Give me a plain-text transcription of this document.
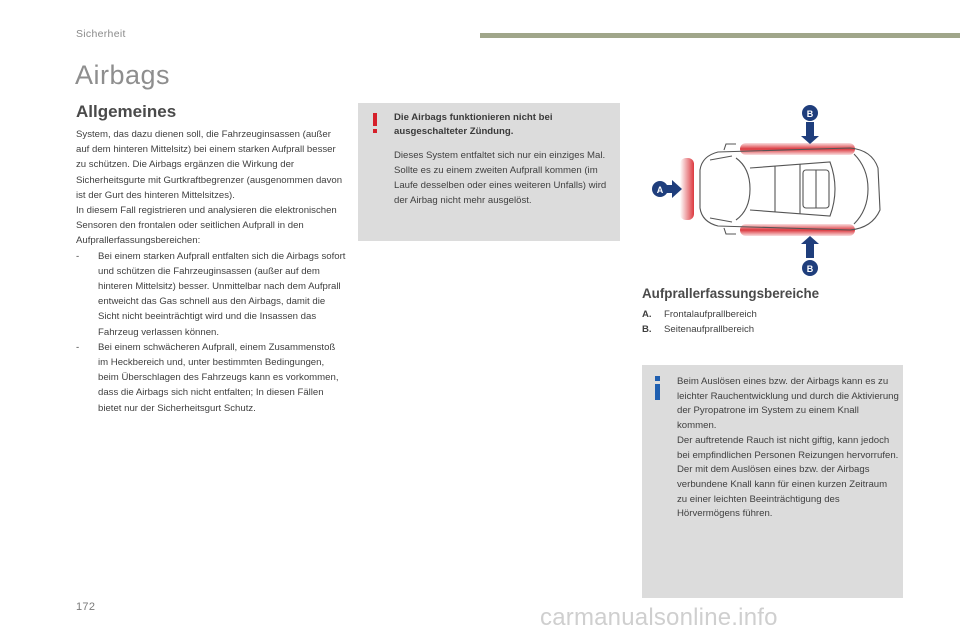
Sicherheit
Airbags
Allgemeines

System, das dazu dienen soll, die Fahrzeuginsassen (außer auf dem hinteren Mittelsitz) bei einem starken Aufprall besser zu schützen. Die Airbags ergänzen die Wirkung der Sicherheitsgurte mit Gurtkraftbegrenzer (ausgenommen davon ist der Gurt des hinteren Mittelsitzes).

In diesem Fall registrieren und analysieren die elektronischen Sensoren den frontalen oder seitlichen Aufprall in den Aufprallerfassungsbereichen:

- Bei einem starken Aufprall entfalten sich die Airbags sofort und schützen die Fahrzeuginsassen (außer auf dem hinteren Mittelsitz) besser. Unmittelbar nach dem Aufprall entweicht das Gas schnell aus den Airbags, damit die Sicht nicht beeinträchtigt wird und die Insassen das Fahrzeug verlassen können.
- Bei einem schwächeren Aufprall, einem Zusammenstoß im Heckbereich und, unter bestimmten Bedingungen, beim Überschlagen des Fahrzeugs kann es vorkommen, dass die Airbags sich nicht entfalten; In diesen Fällen bietet nur der Sicherheitsgurt Schutz.
Die Airbags funktionieren nicht bei ausgeschalteter Zündung.
Dieses System entfaltet sich nur ein einziges Mal. Sollte es zu einem zweiten Aufprall kommen (im Laufe desselben oder eines weiteren Unfalls) wird der Airbag nicht mehr ausgelöst.
A
B
B
Aufprallerfassungsbereiche
A. Frontalaufprallbereich
B. Seitenaufprallbereich
Beim Auslösen eines bzw. der Airbags kann es zu leichter Rauchentwicklung und durch die Aktivierung der Pyropatrone im System zu einem Knall kommen.
Der auftretende Rauch ist nicht giftig, kann jedoch bei empfindlichen Personen Reizungen hervorrufen.
Der mit dem Auslösen eines bzw. der Airbags verbundene Knall kann für einen kurzen Zeitraum zu einer leichten Beeinträchtigung des Hörvermögens führen.
172	carmanualsonline.info
